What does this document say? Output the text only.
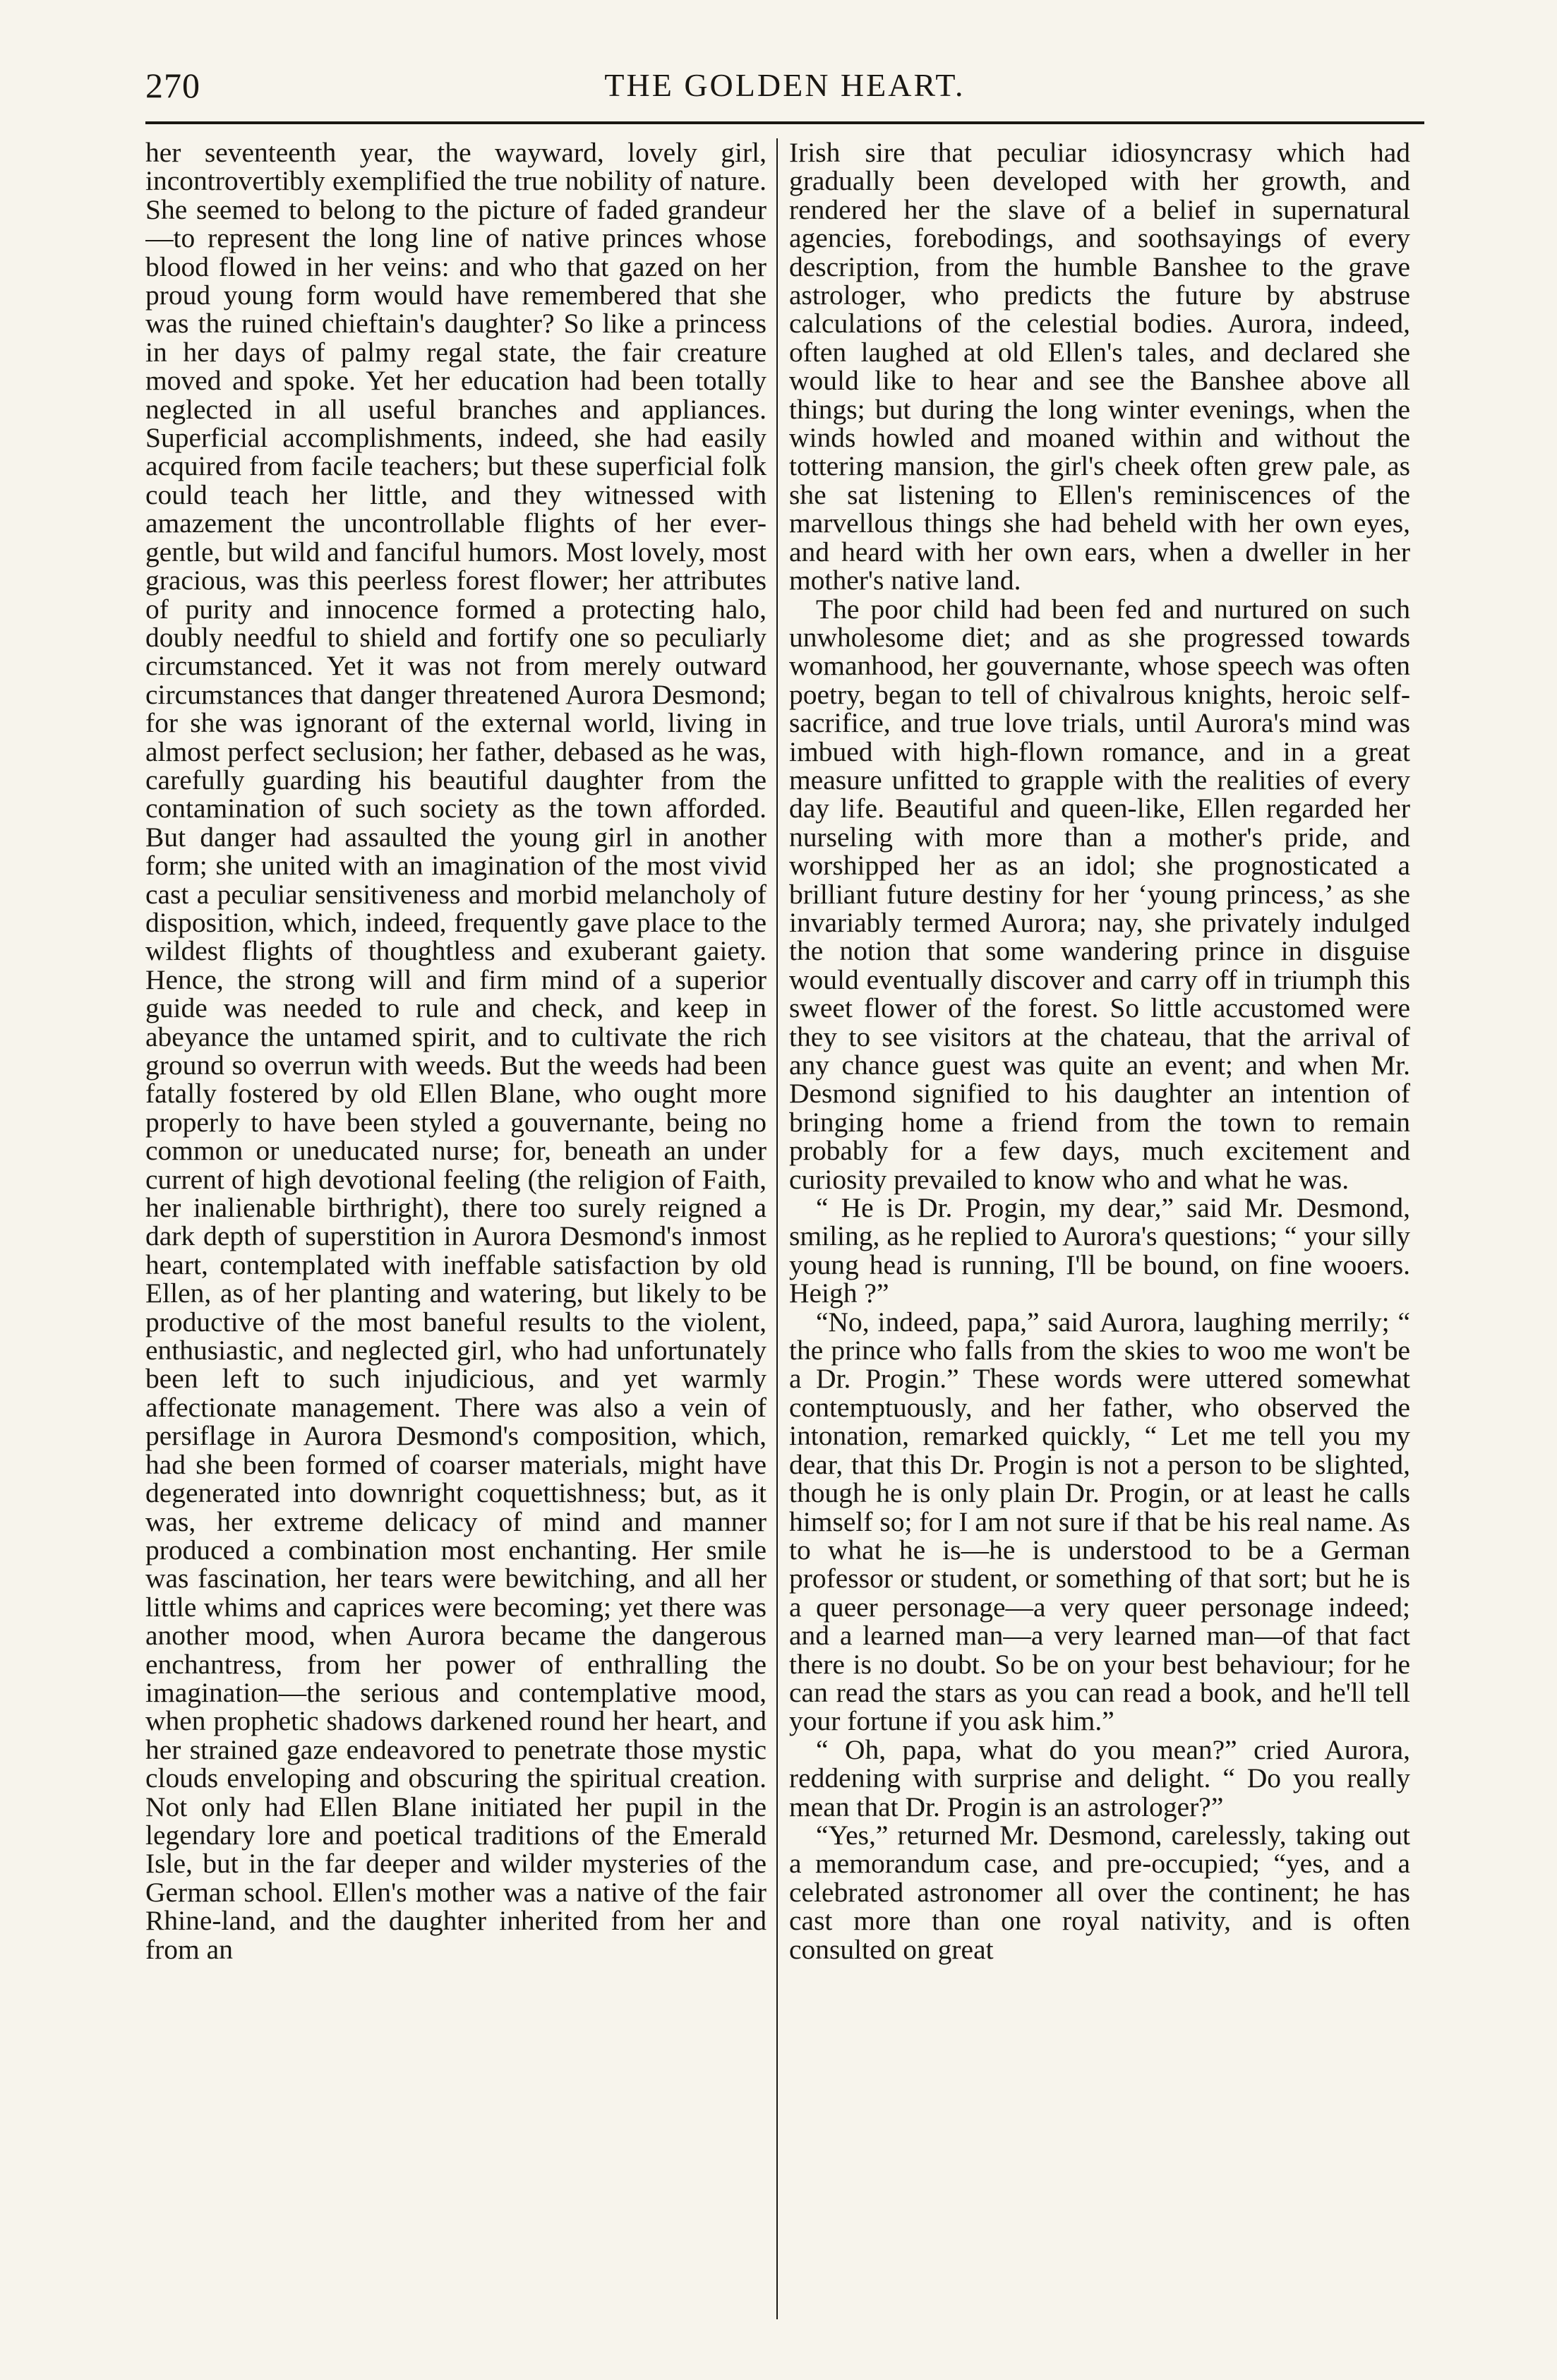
270	THE GOLDEN HEART.

her seventeenth year, the wayward, lovely girl, incontrovertibly exemplified the true nobility of nature. She seemed to belong to the picture of faded grandeur—to represent the long line of native princes whose blood flowed in her veins: and who that gazed on her proud young form would have remembered that she was the ruined chieftain's daughter? So like a princess in her days of palmy regal state, the fair creature moved and spoke. Yet her education had been totally neglected in all useful branches and appliances. Superficial accomplishments, indeed, she had easily acquired from facile teachers; but these superficial folk could teach her little, and they witnessed with amazement the uncontrollable flights of her ever-gentle, but wild and fanciful humors. Most lovely, most gracious, was this peerless forest flower; her attributes of purity and innocence formed a protecting halo, doubly needful to shield and fortify one so peculiarly circumstanced. Yet it was not from merely outward circumstances that danger threatened Aurora Desmond; for she was ignorant of the external world, living in almost perfect seclusion; her father, debased as he was, carefully guarding his beautiful daughter from the contamination of such society as the town afforded. But danger had assaulted the young girl in another form; she united with an imagination of the most vivid cast a peculiar sensitiveness and morbid melancholy of disposition, which, indeed, frequently gave place to the wildest flights of thoughtless and exuberant gaiety. Hence, the strong will and firm mind of a superior guide was needed to rule and check, and keep in abeyance the untamed spirit, and to cultivate the rich ground so overrun with weeds. But the weeds had been fatally fostered by old Ellen Blane, who ought more properly to have been styled a gouvernante, being no common or uneducated nurse; for, beneath an under current of high devotional feeling (the religion of Faith, her inalienable birthright), there too surely reigned a dark depth of superstition in Aurora Desmond's inmost heart, contemplated with ineffable satisfaction by old Ellen, as of her planting and watering, but likely to be productive of the most baneful results to the violent, enthusiastic, and neglected girl, who had unfortunately been left to such injudicious, and yet warmly affectionate management. There was also a vein of persiflage in Aurora Desmond's composition, which, had she been formed of coarser materials, might have degenerated into downright coquettishness; but, as it was, her extreme delicacy of mind and manner produced a combination most enchanting. Her smile was fascination, her tears were bewitching, and all her little whims and caprices were becoming; yet there was another mood, when Aurora became the dangerous enchantress, from her power of enthralling the imagination—the serious and contemplative mood, when prophetic shadows darkened round her heart, and her strained gaze endeavored to penetrate those mystic clouds enveloping and obscuring the spiritual creation. Not only had Ellen Blane initiated her pupil in the legendary lore and poetical traditions of the Emerald Isle, but in the far deeper and wilder mysteries of the German school. Ellen's mother was a native of the fair Rhine-land, and the daughter inherited from her and from an

Irish sire that peculiar idiosyncrasy which had gradually been developed with her growth, and rendered her the slave of a belief in supernatural agencies, forebodings, and soothsayings of every description, from the humble Banshee to the grave astrologer, who predicts the future by abstruse calculations of the celestial bodies. Aurora, indeed, often laughed at old Ellen's tales, and declared she would like to hear and see the Banshee above all things; but during the long winter evenings, when the winds howled and moaned within and without the tottering mansion, the girl's cheek often grew pale, as she sat listening to Ellen's reminiscences of the marvellous things she had beheld with her own eyes, and heard with her own ears, when a dweller in her mother's native land.

The poor child had been fed and nurtured on such unwholesome diet; and as she progressed towards womanhood, her gouvernante, whose speech was often poetry, began to tell of chivalrous knights, heroic self-sacrifice, and true love trials, until Aurora's mind was imbued with high-flown romance, and in a great measure unfitted to grapple with the realities of every day life. Beautiful and queen-like, Ellen regarded her nurseling with more than a mother's pride, and worshipped her as an idol; she prognosticated a brilliant future destiny for her ‘young princess,’ as she invariably termed Aurora; nay, she privately indulged the notion that some wandering prince in disguise would eventually discover and carry off in triumph this sweet flower of the forest. So little accustomed were they to see visitors at the chateau, that the arrival of any chance guest was quite an event; and when Mr. Desmond signified to his daughter an intention of bringing home a friend from the town to remain probably for a few days, much excitement and curiosity prevailed to know who and what he was.

“ He is Dr. Progin, my dear,” said Mr. Desmond, smiling, as he replied to Aurora's questions; “ your silly young head is running, I'll be bound, on fine wooers. Heigh ?”

“No, indeed, papa,” said Aurora, laughing merrily; “ the prince who falls from the skies to woo me won't be a Dr. Progin.” These words were uttered somewhat contemptuously, and her father, who observed the intonation, remarked quickly, “ Let me tell you my dear, that this Dr. Progin is not a person to be slighted, though he is only plain Dr. Progin, or at least he calls himself so; for I am not sure if that be his real name. As to what he is—he is understood to be a German professor or student, or something of that sort; but he is a queer personage—a very queer personage indeed; and a learned man—a very learned man—of that fact there is no doubt. So be on your best behaviour; for he can read the stars as you can read a book, and he'll tell your fortune if you ask him.”

“ Oh, papa, what do you mean?” cried Aurora, reddening with surprise and delight. “ Do you really mean that Dr. Progin is an astrologer?”

“Yes,” returned Mr. Desmond, carelessly, taking out a memorandum case, and pre-occupied; “yes, and a celebrated astronomer all over the continent; he has cast more than one royal nativity, and is often consulted on great
